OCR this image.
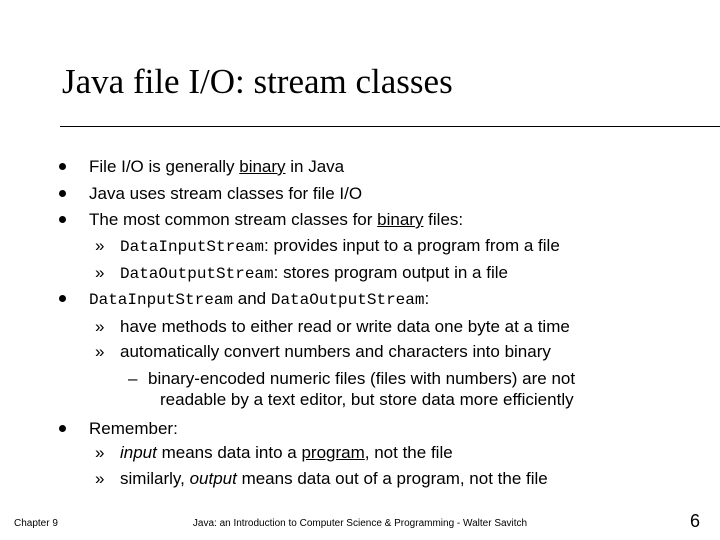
Java file I/O: stream classes
File I/O is generally binary in Java
Java uses stream classes for file I/O
The most common stream classes for binary files:
» DataInputStream: provides input to a program from a file
» DataOutputStream: stores program output in a file
DataInputStream and DataOutputStream:
» have methods to either read or write data one byte at a time
» automatically convert numbers and characters into binary
– binary-encoded numeric files (files with numbers) are not
readable by a text editor, but store data more efficiently
Remember:
» input means data into a program, not the file
» similarly, output means data out of a program, not the file
Chapter 9	Java: an Introduction to Computer Science & Programming - Walter Savitch	6
